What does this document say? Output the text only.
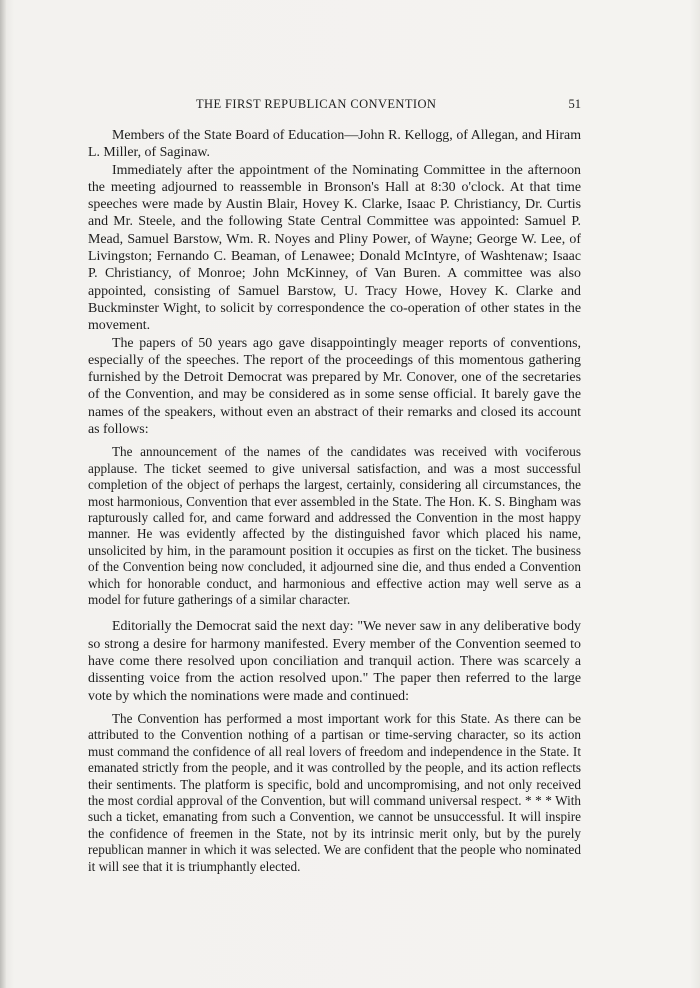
THE FIRST REPUBLICAN CONVENTION	51

Members of the State Board of Education—John R. Kellogg, of Allegan, and Hiram L. Miller, of Saginaw.

Immediately after the appointment of the Nominating Committee in the afternoon the meeting adjourned to reassemble in Bronson's Hall at 8:30 o'clock. At that time speeches were made by Austin Blair, Hovey K. Clarke, Isaac P. Christiancy, Dr. Curtis and Mr. Steele, and the following State Central Committee was appointed: Samuel P. Mead, Samuel Barstow, Wm. R. Noyes and Pliny Power, of Wayne; George W. Lee, of Livingston; Fernando C. Beaman, of Lenawee; Donald McIntyre, of Washtenaw; Isaac P. Christiancy, of Monroe; John McKinney, of Van Buren. A committee was also appointed, consisting of Samuel Barstow, U. Tracy Howe, Hovey K. Clarke and Buckminster Wight, to solicit by correspondence the co-operation of other states in the movement.

The papers of 50 years ago gave disappointingly meager reports of conventions, especially of the speeches. The report of the proceedings of this momentous gathering furnished by the Detroit Democrat was prepared by Mr. Conover, one of the secretaries of the Convention, and may be considered as in some sense official. It barely gave the names of the speakers, without even an abstract of their remarks and closed its account as follows:

The announcement of the names of the candidates was received with vociferous applause. The ticket seemed to give universal satisfaction, and was a most successful completion of the object of perhaps the largest, certainly, considering all circumstances, the most harmonious, Convention that ever assembled in the State. The Hon. K. S. Bingham was rapturously called for, and came forward and addressed the Convention in the most happy manner. He was evidently affected by the distinguished favor which placed his name, unsolicited by him, in the paramount position it occupies as first on the ticket. The business of the Convention being now concluded, it adjourned sine die, and thus ended a Convention which for honorable conduct, and harmonious and effective action may well serve as a model for future gatherings of a similar character.

Editorially the Democrat said the next day: "We never saw in any deliberative body so strong a desire for harmony manifested. Every member of the Convention seemed to have come there resolved upon conciliation and tranquil action. There was scarcely a dissenting voice from the action resolved upon." The paper then referred to the large vote by which the nominations were made and continued:

The Convention has performed a most important work for this State. As there can be attributed to the Convention nothing of a partisan or time-serving character, so its action must command the confidence of all real lovers of freedom and independence in the State. It emanated strictly from the people, and it was controlled by the people, and its action reflects their sentiments. The platform is specific, bold and uncompromising, and not only received the most cordial approval of the Convention, but will command universal respect. * * * With such a ticket, emanating from such a Convention, we cannot be unsuccessful. It will inspire the confidence of freemen in the State, not by its intrinsic merit only, but by the purely republican manner in which it was selected. We are confident that the people who nominated it will see that it is triumphantly elected.
